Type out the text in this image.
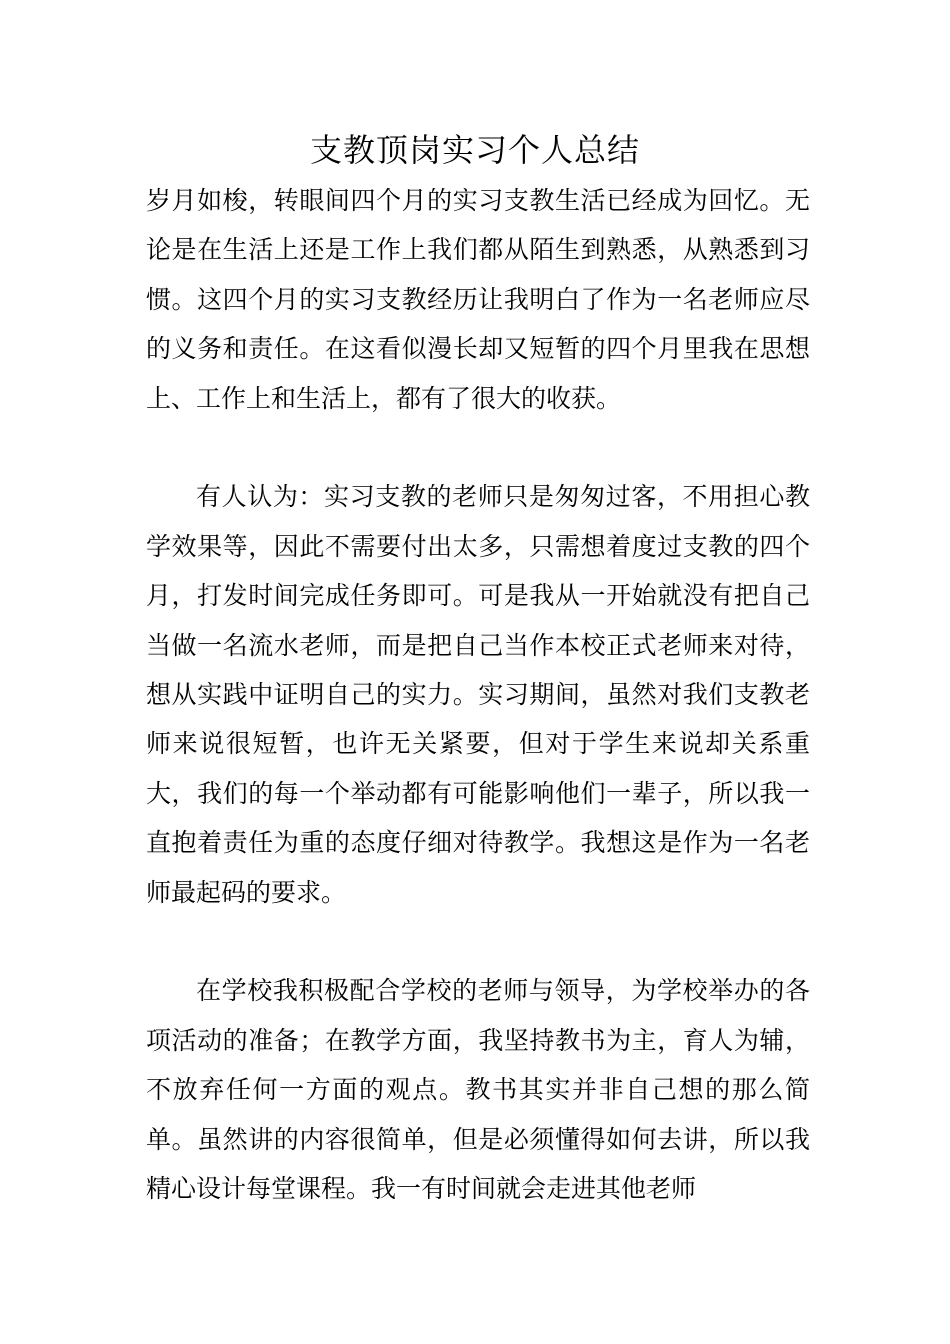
支教顶岗实习个人总结

岁月如梭，转眼间四个月的实习支教生活已经成为回忆。无论是在生活上还是工作上我们都从陌生到熟悉，从熟悉到习惯。这四个月的实习支教经历让我明白了作为一名老师应尽的义务和责任。在这看似漫长却又短暂的四个月里我在思想上、工作上和生活上，都有了很大的收获。

有人认为：实习支教的老师只是匆匆过客，不用担心教学效果等，因此不需要付出太多，只需想着度过支教的四个月，打发时间完成任务即可。可是我从一开始就没有把自己当做一名流水老师，而是把自己当作本校正式老师来对待，想从实践中证明自己的实力。实习期间，虽然对我们支教老师来说很短暂，也许无关紧要，但对于学生来说却关系重大，我们的每一个举动都有可能影响他们一辈子，所以我一直抱着责任为重的态度仔细对待教学。我想这是作为一名老师最起码的要求。

在学校我积极配合学校的老师与领导，为学校举办的各项活动的准备；在教学方面，我坚持教书为主，育人为辅，不放弃任何一方面的观点。教书其实并非自己想的那么简单。虽然讲的内容很简单，但是必须懂得如何去讲，所以我精心设计每堂课程。我一有时间就会走进其他老师
